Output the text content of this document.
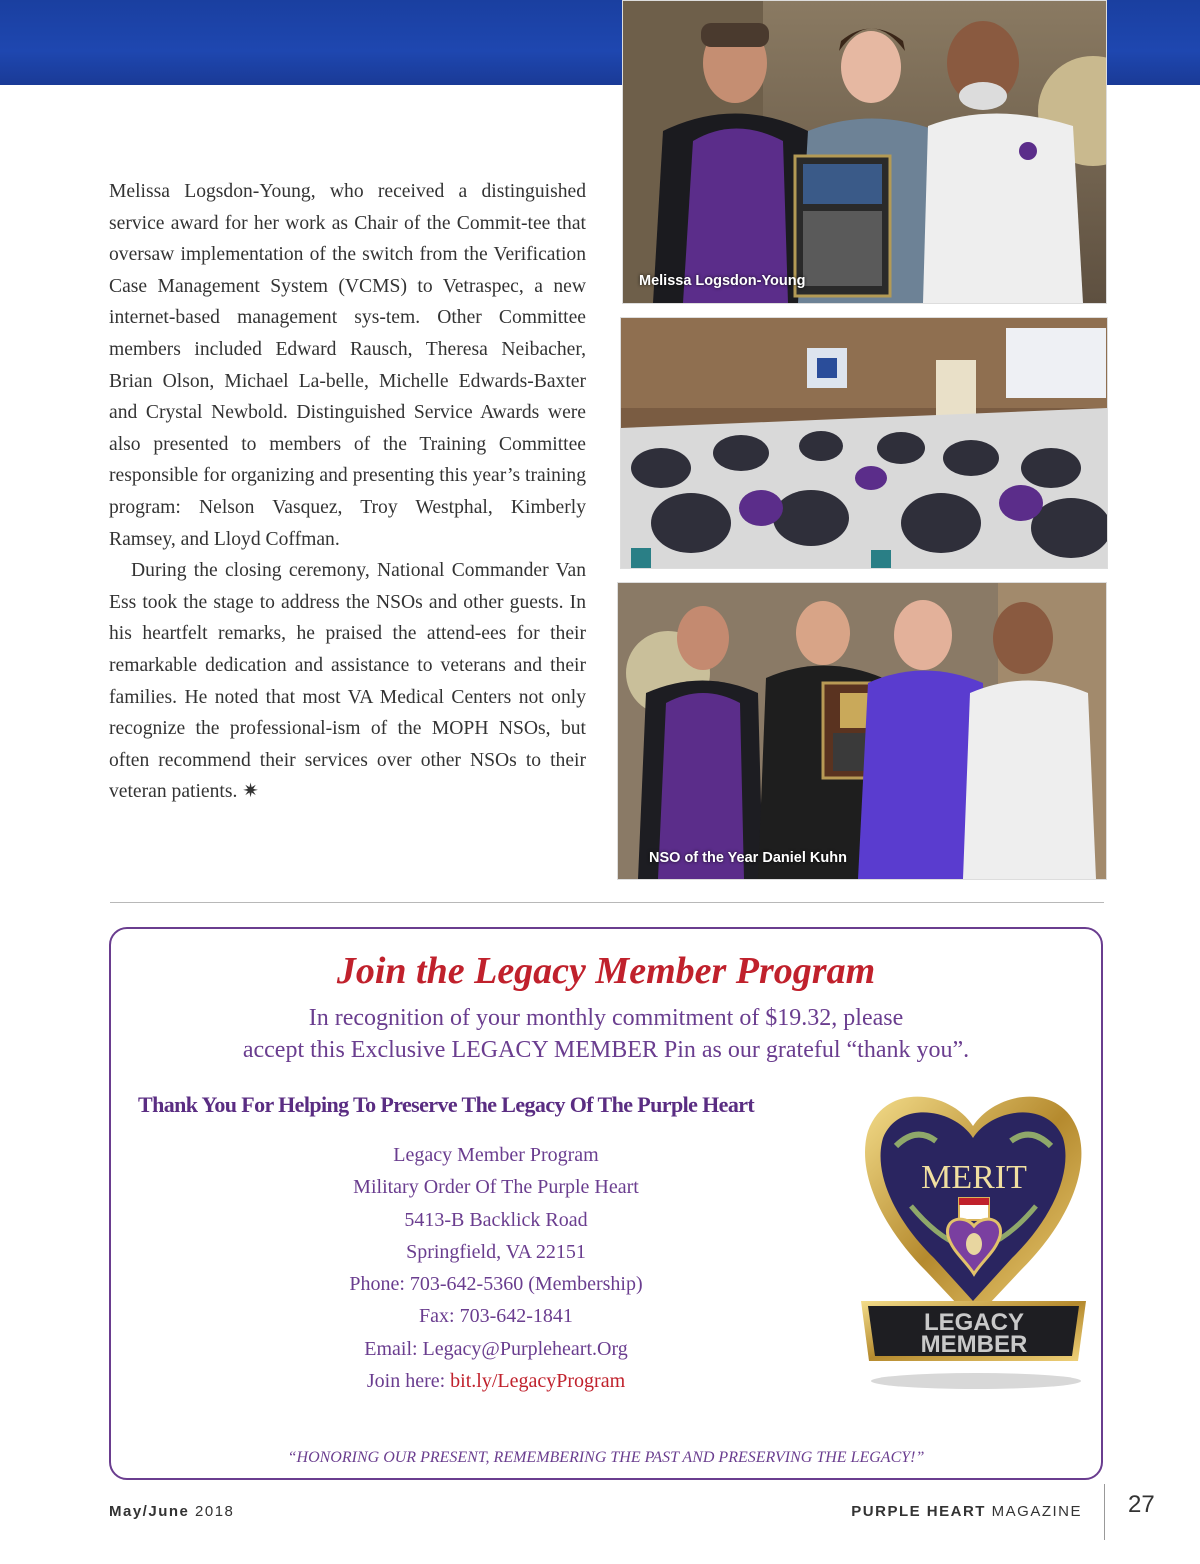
Melissa Logsdon-Young, who received a distinguished service award for her work as Chair of the Commit-tee that oversaw implementation of the switch from the Verification Case Management System (VCMS) to Vetraspec, a new internet-based management sys-tem. Other Committee members included Edward Rausch, Theresa Neibacher, Brian Olson, Michael La-belle, Michelle Edwards-Baxter and Crystal Newbold. Distinguished Service Awards were also presented to members of the Training Committee responsible for organizing and presenting this year’s training program: Nelson Vasquez, Troy Westphal, Kimberly Ramsey, and Lloyd Coffman.

During the closing ceremony, National Commander Van Ess took the stage to address the NSOs and other guests. In his heartfelt remarks, he praised the attend-ees for their remarkable dedication and assistance to veterans and their families. He noted that most VA Medical Centers not only recognize the professional-ism of the MOPH NSOs, but often recommend their services over other NSOs to their veteran patients. ✷

Melissa Logsdon-Young
NSO of the Year Daniel Kuhn
Join the Legacy Member Program
In recognition of your monthly commitment of $19.32, please
accept this Exclusive LEGACY MEMBER Pin as our grateful “thank you”.
Thank You For Helping To Preserve The Legacy Of The Purple Heart
Legacy Member Program
Military Order Of The Purple Heart
5413-B Backlick Road
Springfield, VA 22151
Phone: 703-642-5360 (Membership)
Fax: 703-642-1841
Email: Legacy@Purpleheart.Org
Join here: bit.ly/LegacyProgram
MERIT
LEGACY
MEMBER
“HONORING OUR PRESENT, REMEMBERING THE PAST AND PRESERVING THE LEGACY!”
May/June 2018	PURPLE HEART MAGAZINE 27
